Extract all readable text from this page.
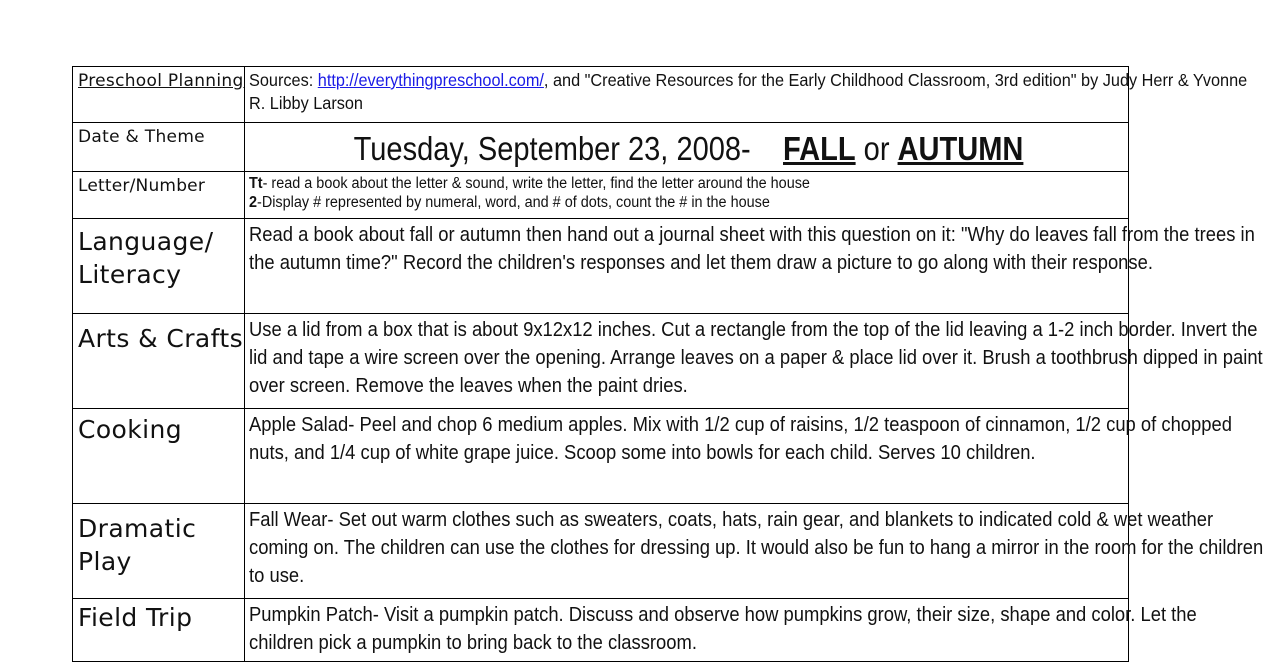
Preschool Planning	Sources: http://everythingpreschool.com/, and "Creative Resources for the Early Childhood Classroom, 3rd edition" by Judy Herr & Yvonne R. Libby Larson

Date & Theme	Tuesday, September 23, 2008- FALL or AUTUMN

Letter/Number	Tt- read a book about the letter & sound, write the letter, find the letter around the house
2-Display # represented by numeral, word, and # of dots, count the # in the house

Language/ Literacy	Read a book about fall or autumn then hand out a journal sheet with this question on it: "Why do leaves fall from the trees in the autumn time?" Record the children's responses and let them draw a picture to go along with their response.

Arts & Crafts	Use a lid from a box that is about 9x12x12 inches. Cut a rectangle from the top of the lid leaving a 1-2 inch border. Invert the lid and tape a wire screen over the opening. Arrange leaves on a paper & place lid over it. Brush a toothbrush dipped in paint over screen. Remove the leaves when the paint dries.

Cooking	Apple Salad- Peel and chop 6 medium apples. Mix with 1/2 cup of raisins, 1/2 teaspoon of cinnamon, 1/2 cup of chopped nuts, and 1/4 cup of white grape juice. Scoop some into bowls for each child. Serves 10 children.

Dramatic Play	Fall Wear- Set out warm clothes such as sweaters, coats, hats, rain gear, and blankets to indicated cold & wet weather coming on. The children can use the clothes for dressing up. It would also be fun to hang a mirror in the room for the children to use.

Field Trip	Pumpkin Patch- Visit a pumpkin patch. Discuss and observe how pumpkins grow, their size, shape and color. Let the children pick a pumpkin to bring back to the classroom.
